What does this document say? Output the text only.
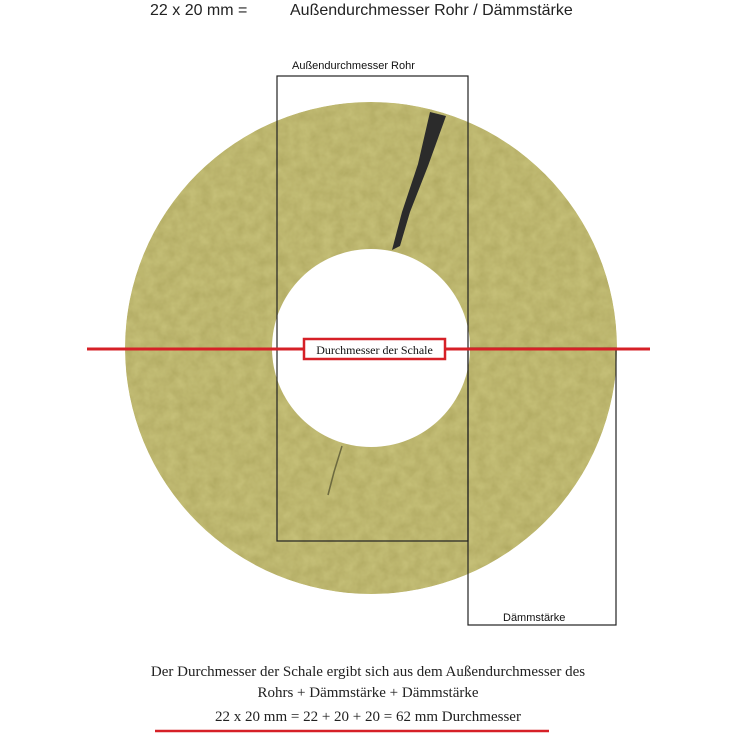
22 x 20 mm =	Außendurchmesser Rohr / Dämmstärke
Außendurchmesser Rohr
Dämmstärke
Durchmesser der Schale
Der Durchmesser der Schale ergibt sich aus dem Außendurchmesser des
Rohrs + Dämmstärke + Dämmstärke
22 x 20 mm = 22 + 20 + 20 = 62 mm Durchmesser
